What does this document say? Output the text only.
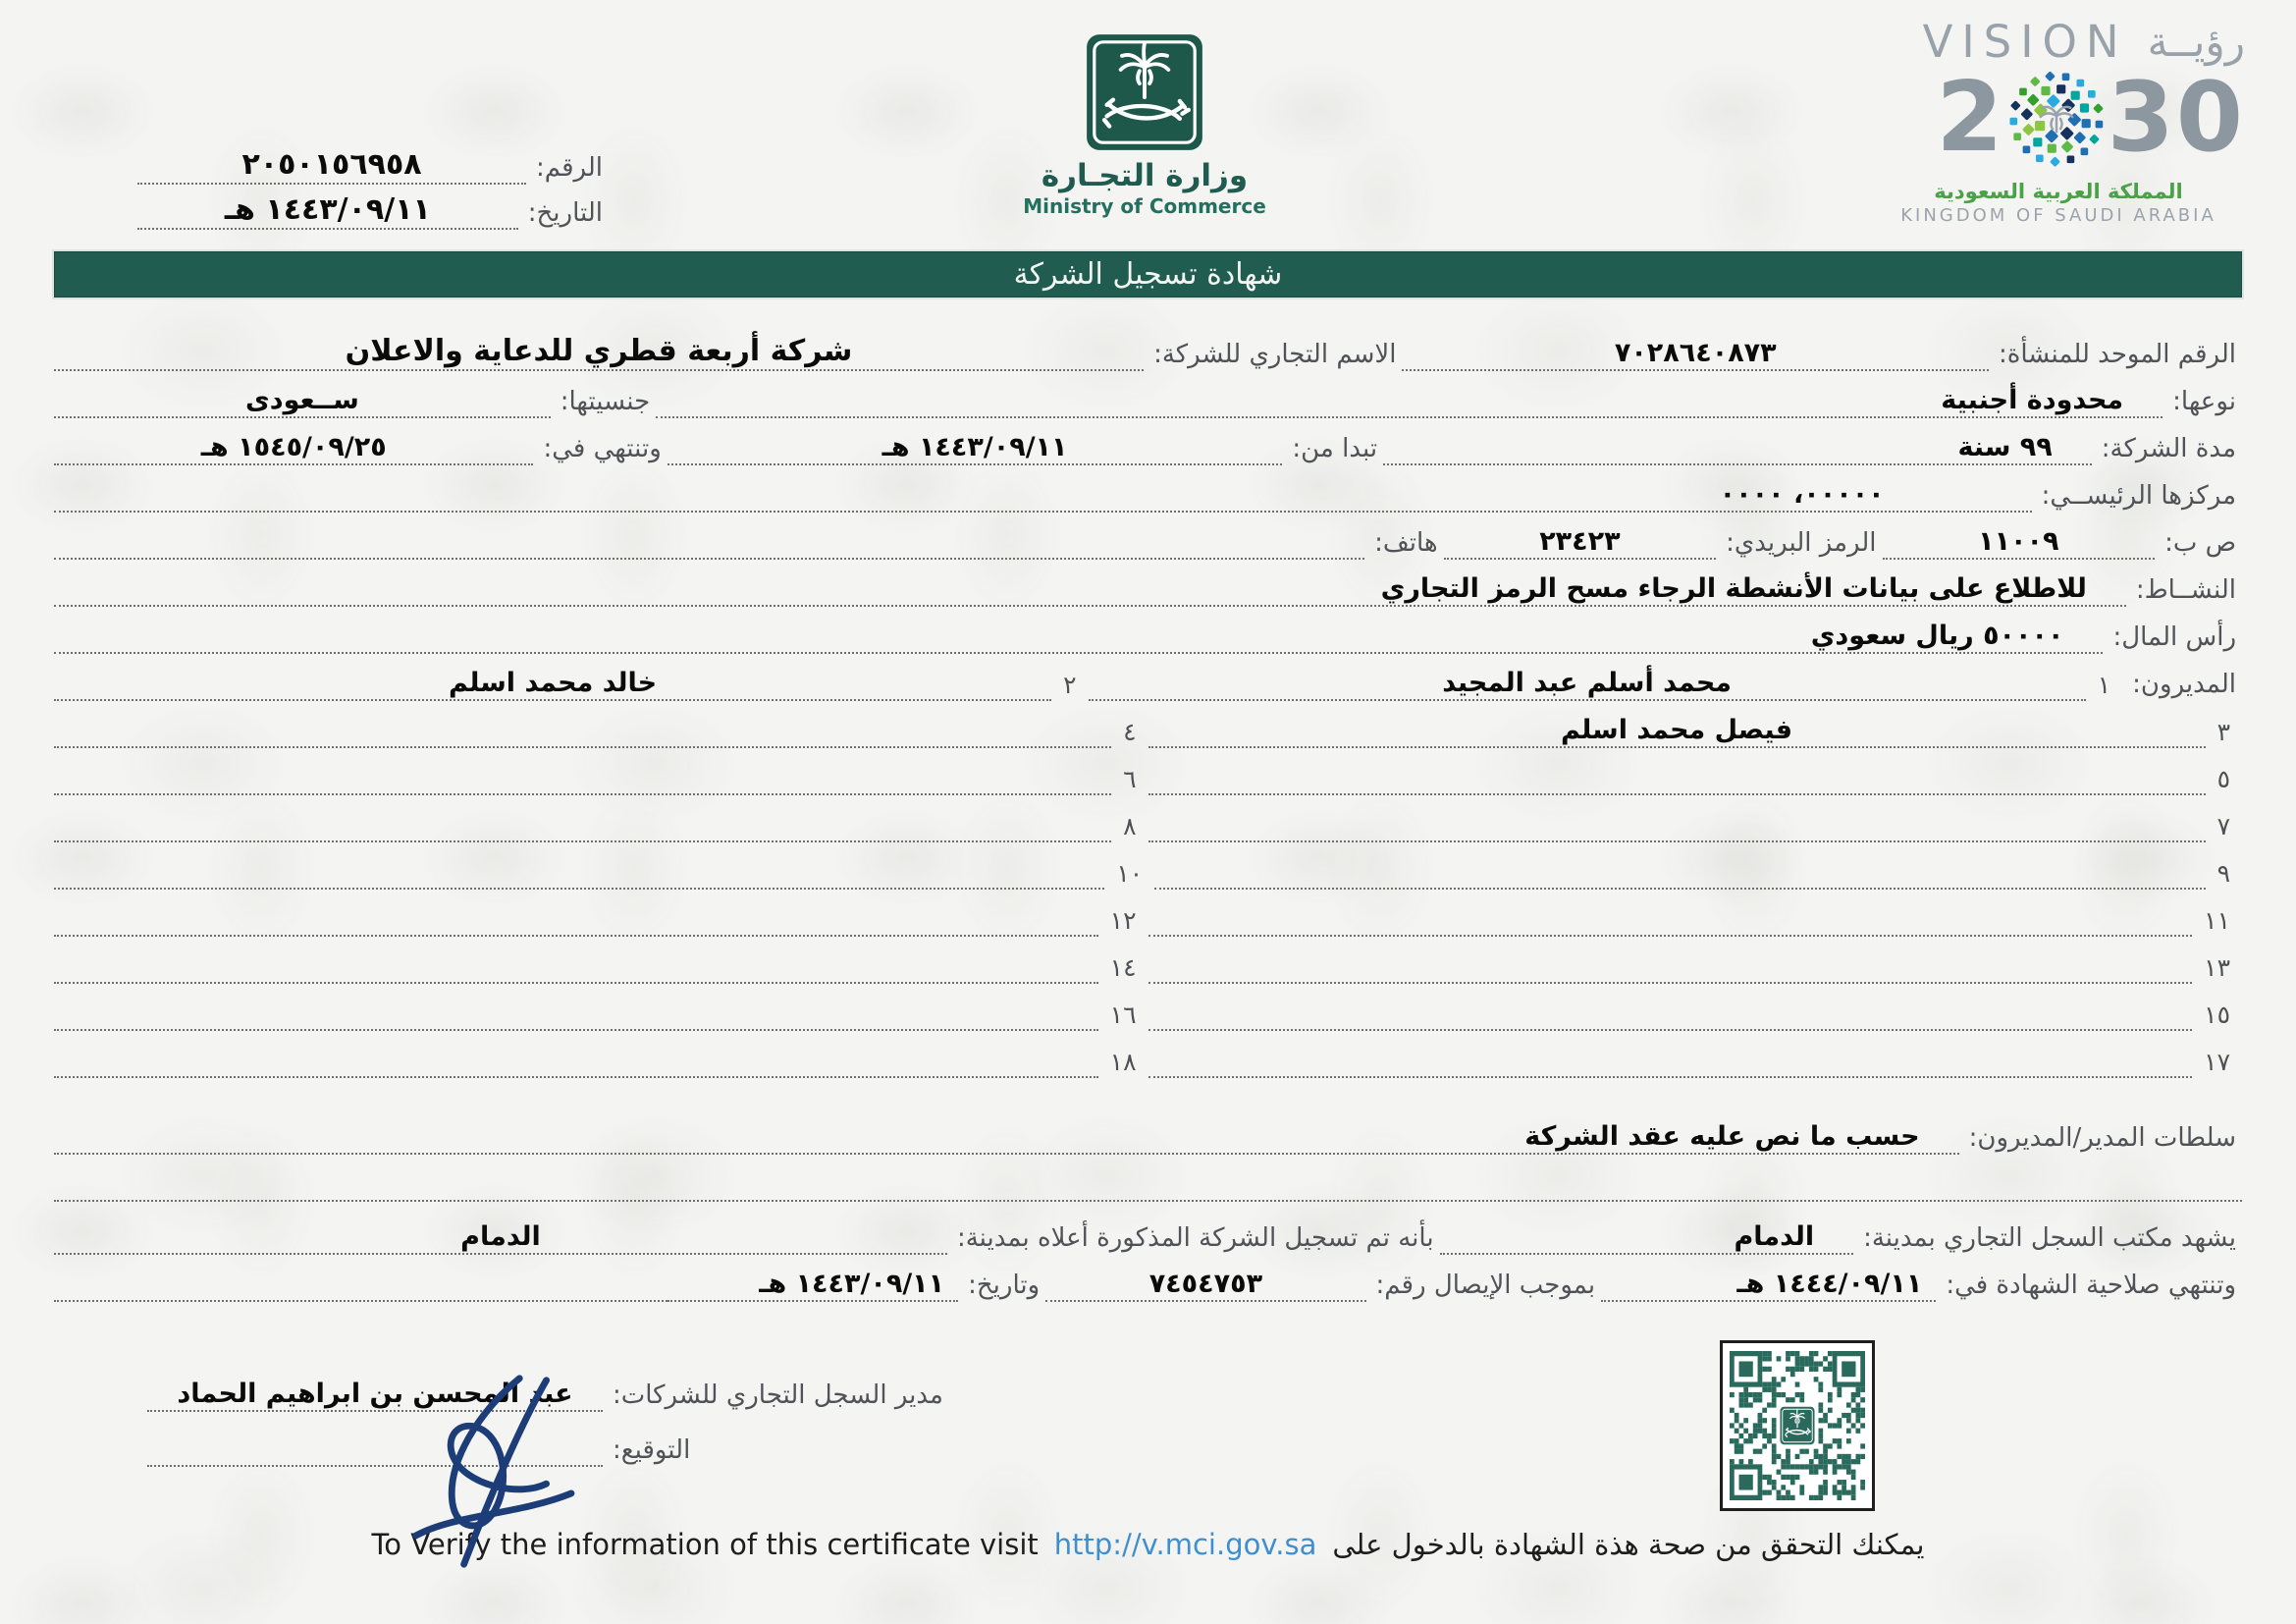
الرقم:
٢٠٥٠١٥٦٩٥٨
التاريخ:
١٤٤٣/٠٩/١١ هـ
وزارة التجـارة
Ministry of Commerce
VISION رؤيــة
2 30
المملكة العربية السعودية
KINGDOM OF SAUDI ARABIA
شهادة تسجيل الشركة
الرقم الموحد للمنشأة:
٧٠٢٨٦٤٠٨٧٣
الاسم التجاري للشركة:
شركة أربعة قطري للدعاية والاعلان
نوعها:
محدودة أجنبية
جنسيتها:
ســعودى
مدة الشركة:
٩٩ سنة
تبدا من:
١٤٤٣/٠٩/١١ هـ
وتنتهي في:
١٥٤٥/٠٩/٢٥ هـ
مركزها الرئيســي:
٠٠٠٠٠، ٠٠٠٠
ص ب:
١١٠٠٩
الرمز البريدي:
٢٣٤٢٣
هاتف:
النشــاط:
للاطلاع على بيانات الأنشطة الرجاء مسح الرمز التجاري
رأس المال:
٥٠٠٠٠ ريال سعودي
المديرون:
١
محمد أسلم عبد المجيد
٢
خالد محمد اسلم
٣
فيصل محمد اسلم
٤
٥
٦
٧
٨
٩
١٠
١١
١٢
١٣
١٤
١٥
١٦
١٧
١٨
سلطات المدير/المديرون:
حسب ما نص عليه عقد الشركة
يشهد مكتب السجل التجاري بمدينة:
الدمام
بأنه تم تسجيل الشركة المذكورة أعلاه بمدينة:
الدمام
وتنتهي صلاحية الشهادة في:
١٤٤٤/٠٩/١١ هـ
بموجب الإيصال رقم:
٧٤٥٤٧٥٣
وتاريخ:
١٤٤٣/٠٩/١١ هـ
مدير السجل التجاري للشركات:
عبد المحسن بن ابراهيم الحماد
التوقيع:
To Verify the information of this certificate visit http://v.mci.gov.sa يمكنك التحقق من صحة هذة الشهادة بالدخول على
